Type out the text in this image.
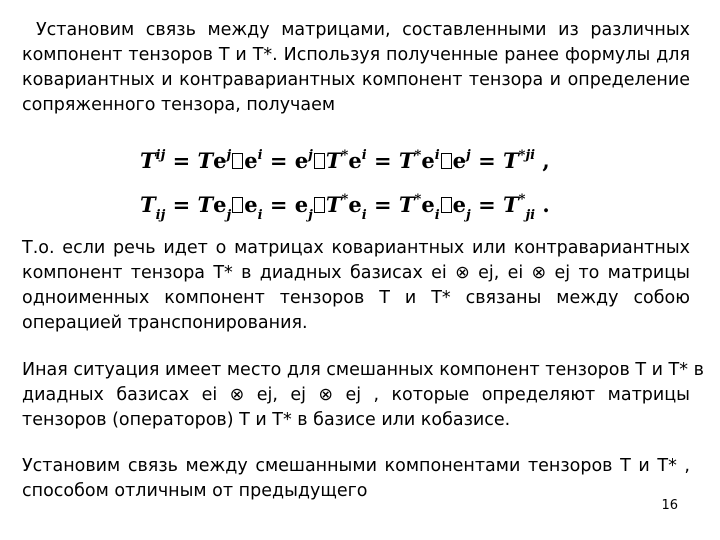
Установим связь между матрицами, составленными из различных
компонент тензоров T и T*. Используя полученные ранее формулы для
ковариантных и контравариантных компонент тензора и определение
сопряженного тензора, получаем
$T^{ij} = Te^j$ $e^i = e^j$ $T^*e^i = T^*e^i$ $e^j = T^{*ji}$ ,
$T_{ij} = Te_j$ $e_i = e_j$ $T^*e_i = T^*e_i$ $e_j = T^*_{ji}$ .
Т.о. если речь идет о матрицах ковариантных или контравариантных
компонент тензора T* в диадных базисах ei ⊗ ej, ei ⊗ ej то матрицы
одноименных компонент тензоров T и T* связаны между собою
операцией транспонирования.
Иная ситуация имеет место для смешанных компонент тензоров T и T* в
диадных базисах ei ⊗ ej, ej ⊗ ej , которые определяют матрицы
тензоров (операторов) T и T* в базисе или кобазисе.
Установим связь между смешанными компонентами тензоров T и T* ,
способом отличным от предыдущего
16
